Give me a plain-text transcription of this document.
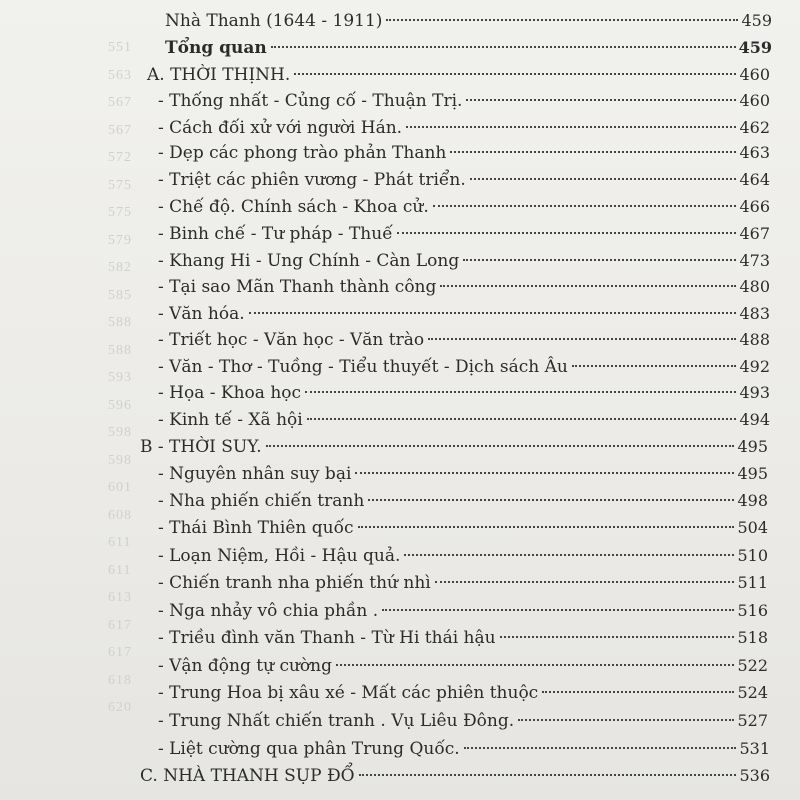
551
563
567
567
572
575
575
579
582
585
588
588
593
596
598
598
601
608
611
611
613
617
617
618
620
Nhà Thanh (1644 - 1911)	459
Tổng quan	459
A. THỜI THỊNH.	460
- Thống nhất - Củng cố - Thuận Trị.	460
- Cách đối xử với người Hán.	462
- Dẹp các phong trào phản Thanh	463
- Triệt các phiên vương - Phát triển.	464
- Chế độ. Chính sách - Khoa cử.	466
- Binh chế - Tư pháp - Thuế	467
- Khang Hi - Ung Chính - Càn Long	473
- Tại sao Mãn Thanh thành công	480
- Văn hóa.	483
- Triết học - Văn học - Văn trào	488
- Văn - Thơ - Tuồng - Tiểu thuyết - Dịch sách Âu	492
- Họa - Khoa học	493
- Kinh tế - Xã hội	494
B - THỜI SUY.	495
- Nguyên nhân suy bại	495
- Nha phiến chiến tranh	498
- Thái Bình Thiên quốc	504
- Loạn Niệm, Hồi - Hậu quả.	510
- Chiến tranh nha phiến thứ nhì	511
- Nga nhảy vô chia phần .	516
- Triều đình văn Thanh - Từ Hi thái hậu	518
- Vận động tự cường	522
- Trung Hoa bị xâu xé - Mất các phiên thuộc	524
- Trung Nhất chiến tranh . Vụ Liêu Đông.	527
- Liệt cường qua phân Trung Quốc.	531
C. NHÀ THANH SỤP ĐỔ	536
